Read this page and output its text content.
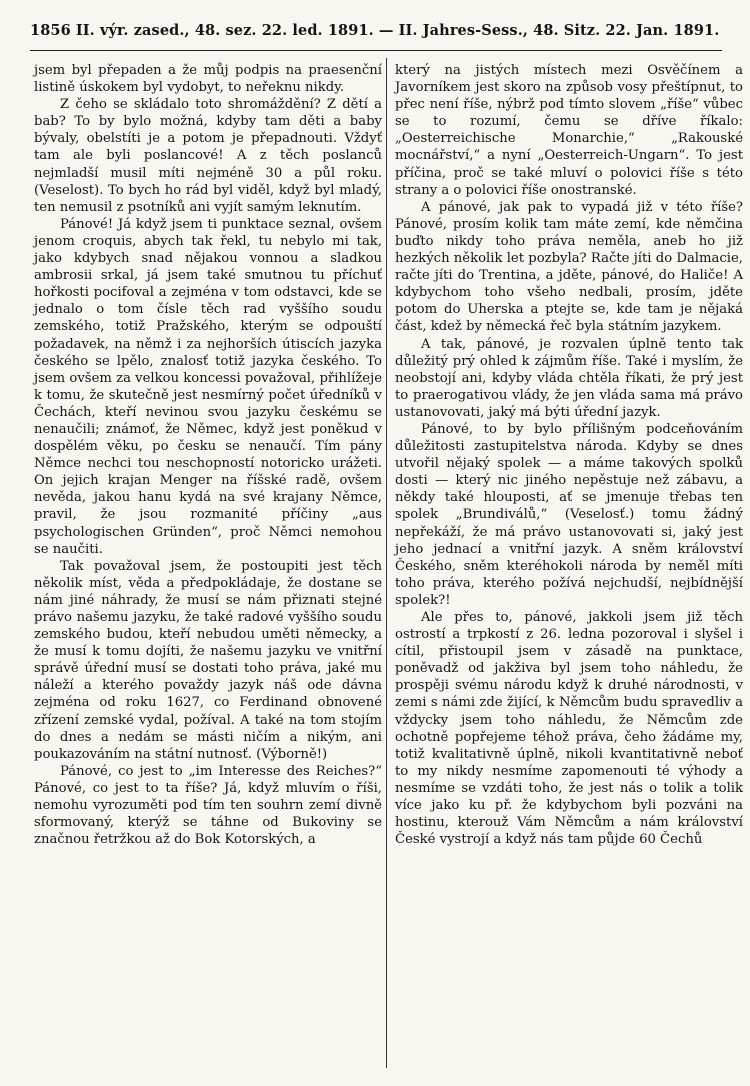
1856 II. výr. zased., 48. sez. 22. led. 1891. — II. Jahres-Sess., 48. Sitz. 22. Jan. 1891.

jsem byl přepaden a že můj podpis na praesenční listině úskokem byl vydobyt, to neřeknu nikdy.

Z čeho se skládalo toto shromáždění? Z dětí a bab? To by bylo možná, kdyby tam děti a baby bývaly, obelstíti je a potom je přepadnouti. Vždyť tam ale byli poslancové! A z těch poslanců nejmladší musil míti nejméně 30 a půl roku. (Veselost). To bych ho rád byl viděl, když byl mladý, ten nemusil z psotníků ani vyjít samým leknutím.

Pánové! Já když jsem ti punktace seznal, ovšem jenom croquis, abych tak řekl, tu nebylo mi tak, jako kdybych snad nějakou vonnou a sladkou ambrosii srkal, já jsem také smutnou tu příchuť hořkosti pocifoval a zejména v tom odstavci, kde se jednalo o tom čísle těch rad vyššího soudu zemského, totiž Pražského, kterým se odpouští požadavek, na němž i za nejhorších útiscích jazyka českého se lpělo, znalosť totiž jazyka českého. To jsem ovšem za velkou koncessi považoval, přihlížeje k tomu, že skutečně jest nesmírný počet úředníků v Čechách, kteří nevinou svou jazyku českému se nenaučili; známoť, že Němec, když jest poněkud v dospělém věku, po česku se nenaučí. Tím pány Němce nechci tou neschopností notoricko urážeti. On jejich krajan Menger na říšské radě, ovšem nevěda, jakou hanu kydá na své krajany Němce, pravil, že jsou rozmanité příčiny „aus psychologischen Gründen“, proč Němci nemohou se naučiti.

Tak považoval jsem, že postoupiti jest těch několik míst, věda a předpokládaje, že dostane se nám jiné náhrady, že musí se nám přiznati stejné právo našemu jazyku, že také radové vyššího soudu zemského budou, kteří nebudou uměti německy, a že musí k tomu dojíti, že našemu jazyku ve vnitřní správě úřední musí se dostati toho práva, jaké mu náleží a kterého považdy jazyk náš ode dávna zejména od roku 1627, co Ferdinand obnovené zřízení zemské vydal, požíval. A také na tom stojím do dnes a nedám se másti ničím a nikým, ani poukazováním na státní nutnosť. (Výborně!)

Pánové, co jest to „im Interesse des Reiches?“ Pánové, co jest to ta říše? Já, když mluvím o říši, nemohu vyrozuměti pod tím ten souhrn zemí divně sformovaný, kterýž se táhne od Bukoviny se značnou řetržkou až do Bok Kotorských, a

který na jistých místech mezi Osvěčínem a Javorníkem jest skoro na způsob vosy přeštípnut, to přec není říše, nýbrž pod tímto slovem „říše“ vůbec se to rozumí, čemu se dříve říkalo: „Oesterreichische Monarchie,“ „Rakouské mocnářství,“ a nyní „Oesterreich-Ungarn“. To jest příčina, proč se také mluví o polovici říše s této strany a o polovici říše onostranské.

A pánové, jak pak to vypadá již v této říše? Pánové, prosím kolik tam máte zemí, kde němčina buďto nikdy toho práva neměla, aneb ho již hezkých několik let pozbyla? Račte jíti do Dalmacie, račte jíti do Trentina, a jděte, pánové, do Haliče! A kdybychom toho všeho nedbali, prosím, jděte potom do Uherska a ptejte se, kde tam je nějaká část, kdež by německá řeč byla státním jazykem.

A tak, pánové, je rozvalen úplně tento tak důležitý prý ohled k zájmům říše. Také i myslím, že neobstojí ani, kdyby vláda chtěla říkati, že prý jest to praerogativou vlády, že jen vláda sama má právo ustanovovati, jaký má býti úřední jazyk.

Pánové, to by bylo přílišným podceňováním důležitosti zastupitelstva národa. Kdyby se dnes utvořil nějaký spolek — a máme takových spolků dosti — který nic jiného nepěstuje než zábavu, a někdy také hlouposti, ať se jmenuje třebas ten spolek „Brundiválů,“ (Veselosť.) tomu žádný nepřekáží, že má právo ustanovovati si, jaký jest jeho jednací a vnitřní jazyk. A sněm království Českého, sněm kteréhokoli národa by neměl míti toho práva, kterého požívá nejchudší, nejbídnější spolek?!

Ale přes to, pánové, jakkoli jsem již těch ostrostí a trpkostí z 26. ledna pozoroval i slyšel i cítil, přistoupil jsem v zásadě na punktace, poněvadž od jakživa byl jsem toho náhledu, že prospěji svému národu když k druhé národnosti, v zemi s námi zde žijící, k Němcům budu spravedliv a vždycky jsem toho náhledu, že Němcům zde ochotně popřejeme téhož práva, čeho žádáme my, totiž kvalitativně úplně, nikoli kvantitativně neboť to my nikdy nesmíme zapomenouti té výhody a nesmíme se vzdáti toho, že jest nás o tolik a tolik více jako ku př. že kdybychom byli pozváni na hostinu, kterouž Vám Němcům a nám království České vystrojí a když nás tam půjde 60 Čechů
